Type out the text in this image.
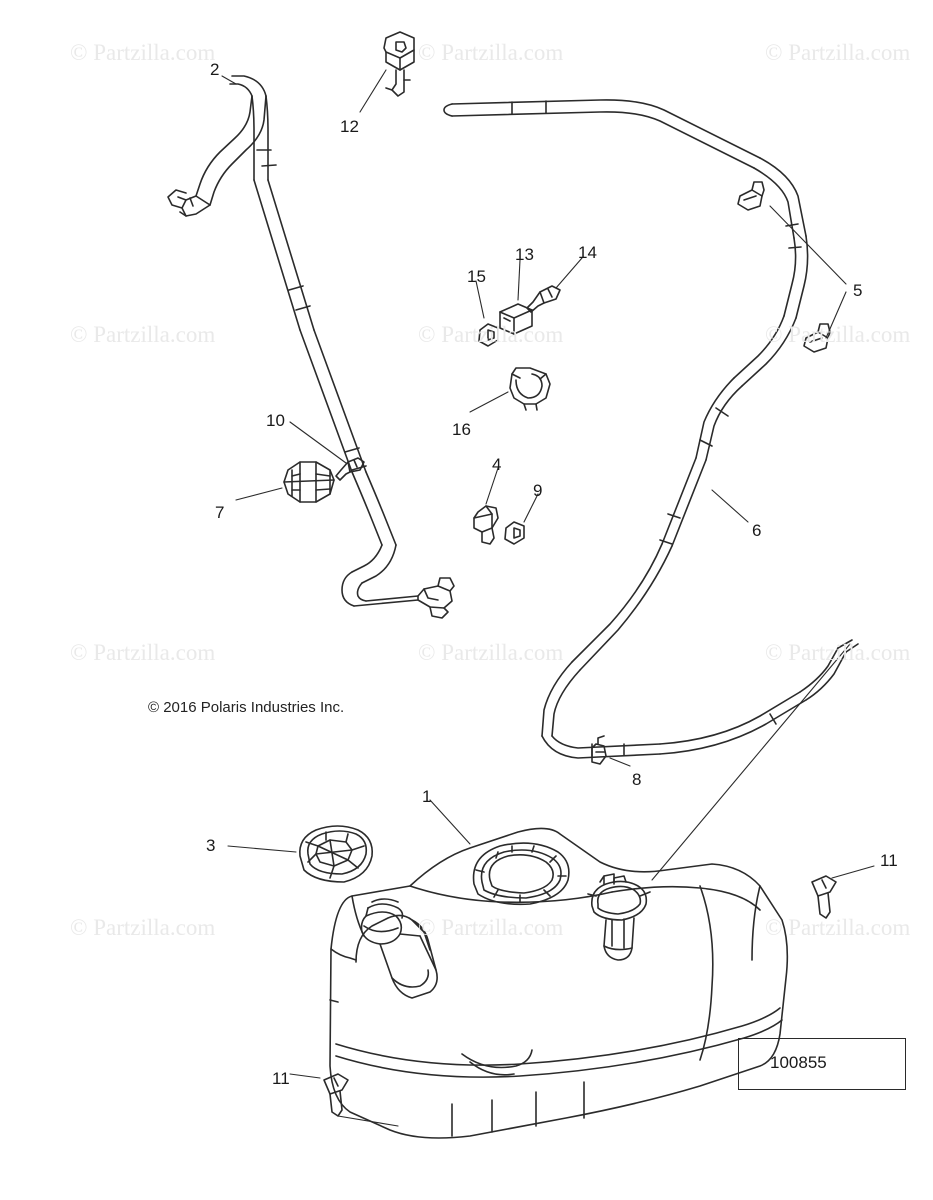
© Partzilla.com	© Partzilla.com	© Partzilla.com
© Partzilla.com	© Partzilla.com	© Partzilla.com
© Partzilla.com	© Partzilla.com	© Partzilla.com
© Partzilla.com	© Partzilla.com	© Partzilla.com
2
12
15
13	14
5
16
10
7
4
9
6
8
1
3
11
11
© 2016 Polaris Industries Inc.
100855
